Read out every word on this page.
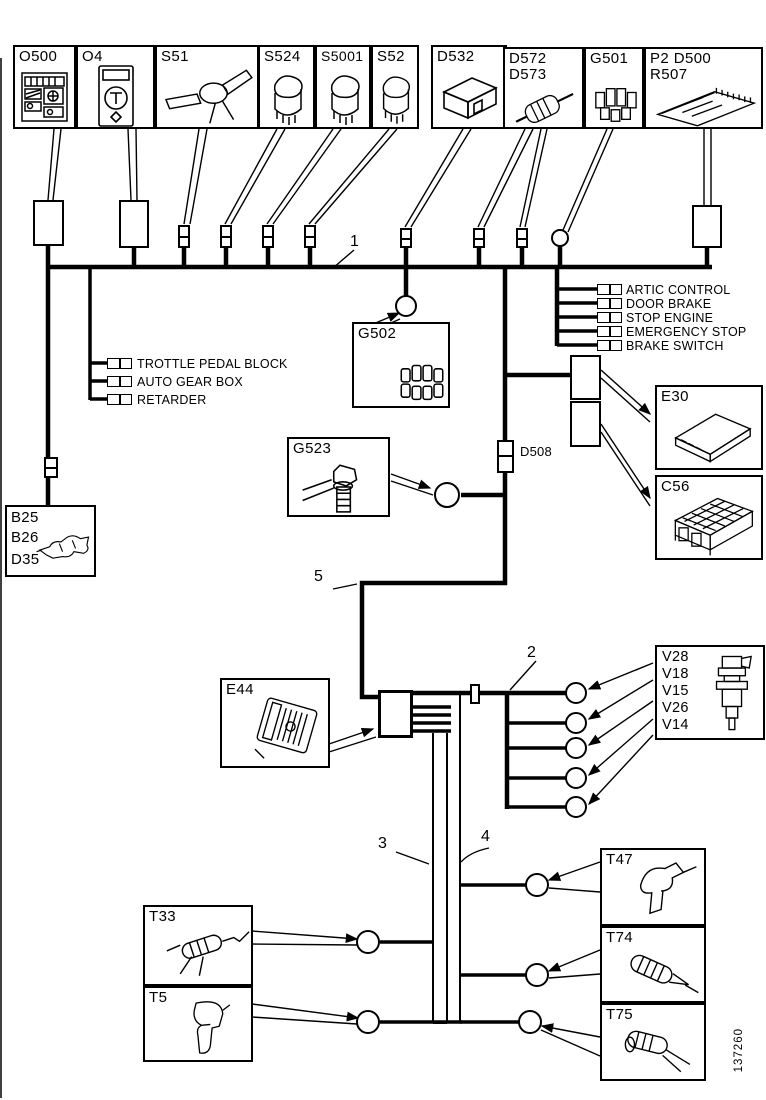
O500 O4	S51	S524 S5001 S52 D532 D572
D573
G501 P2 D500
R507
TROTTLE PEDAL BLOCK
AUTO GEAR BOX
RETARDER
ARTIC CONTROL
DOOR BRAKE
STOP ENGINE
EMERGENCY STOP
BRAKE SWITCH
G502
G523
E30
C56
B25
B26
D35
E44
V28
V18
V15
V26
V14
T33
T5
T47
T74
T75
D508
1
2
3	4
5
137260
